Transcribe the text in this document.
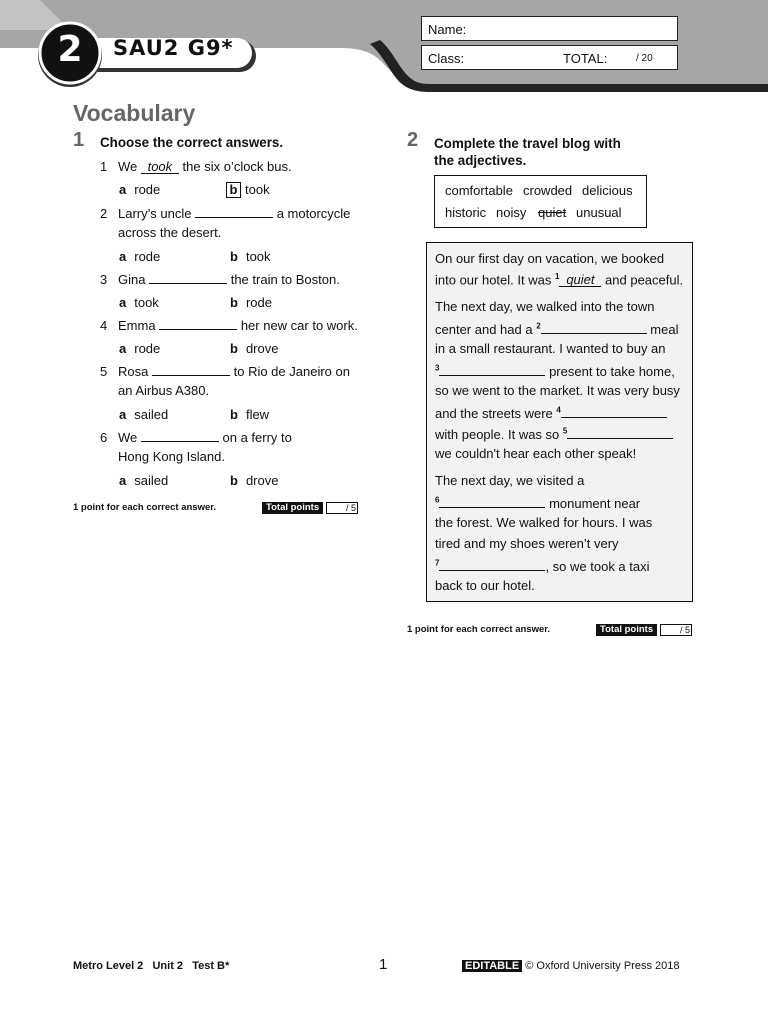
2	SAU2 G9*
Name:
Class:	TOTAL:	/ 20
Vocabulary
1 Choose the correct answers.
1 We took the six o’clock bus.
a rode	b took
2 Larry’s uncle	a motorcycle
across the desert.
a rode	b took
3 Gina	the train to Boston.
a took	b rode
4 Emma	her new car to work.
a rode	b drove
5 Rosa	to Rio de Janeiro on
an Airbus A380.
a sailed	b flew
6 We	on a ferry to
Hong Kong Island.
a sailed	b drove
1 point for each correct answer.	Total points	/ 5
2 Complete the travel blog with
the adjectives.
comfortable crowded delicious
historic noisy quiet unusual
On our first day on vacation, we booked
into our hotel. It was $^1$ quiet and peaceful.
The next day, we walked into the town
center and had a $^2$	meal
in a small restaurant. I wanted to buy an
$^3$	present to take home,
so we went to the market. It was very busy
and the streets were $^4$
with people. It was so $^5$
we couldn't hear each other speak!
The next day, we visited a
$^6$	monument near
the forest. We walked for hours. I was
tired and my shoes weren’t very
$^7$	, so we took a taxi
back to our hotel.
1 point for each correct answer.	Total points	/ 5
Metro Level 2   Unit 2   Test B*	1	EDITABLE © Oxford University Press 2018
